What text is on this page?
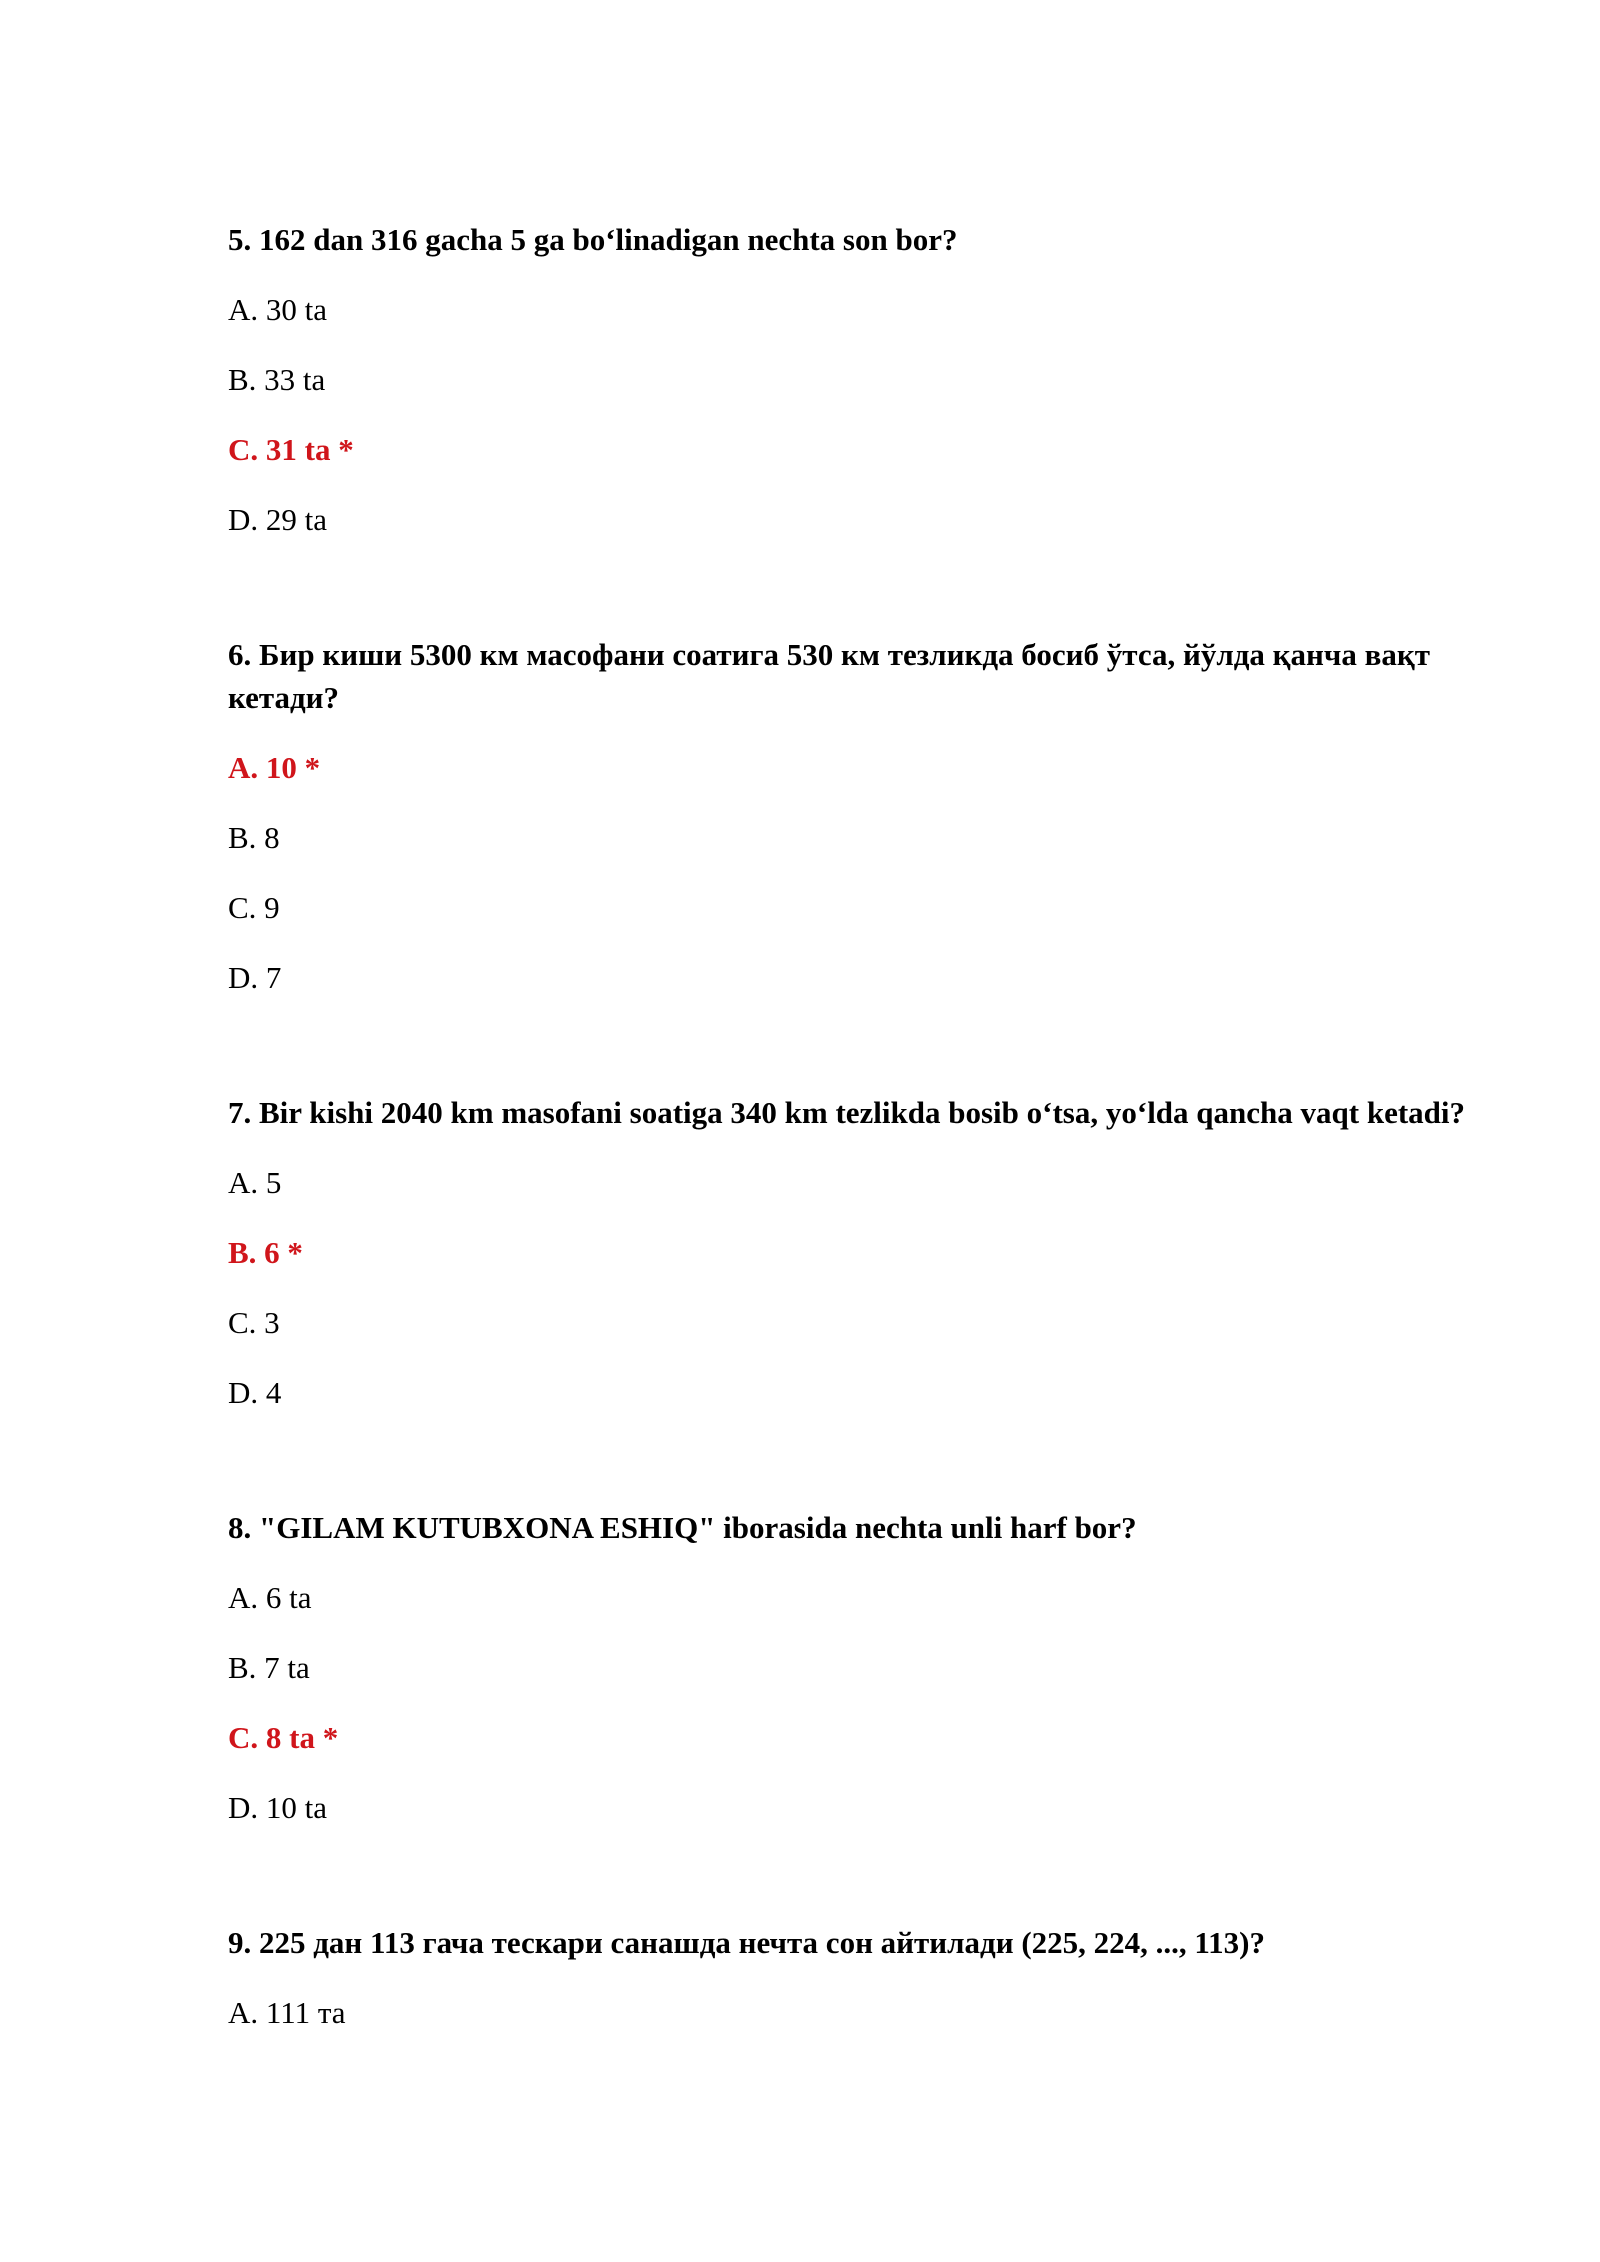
5. 162 dan 316 gacha 5 ga bo‘linadigan nechta son bor?
A. 30 ta
B. 33 ta
C. 31 ta *
D. 29 ta
6. Бир киши 5300 км масофани соатига 530 км тезликда босиб ўтса, йўлда қанча вақт кетади?
A. 10 *
B. 8
C. 9
D. 7
7. Bir kishi 2040 km masofani soatiga 340 km tezlikda bosib o‘tsa, yo‘lda qancha vaqt ketadi?
A. 5
B. 6 *
C. 3
D. 4
8. "GILAM KUTUBXONA ESHIQ" iborasida nechta unli harf bor?
A. 6 ta
B. 7 ta
C. 8 ta *
D. 10 ta
9. 225 дан 113 гача тескари санашда нечта сон айтилади (225, 224, ..., 113)?
A. 111 та
